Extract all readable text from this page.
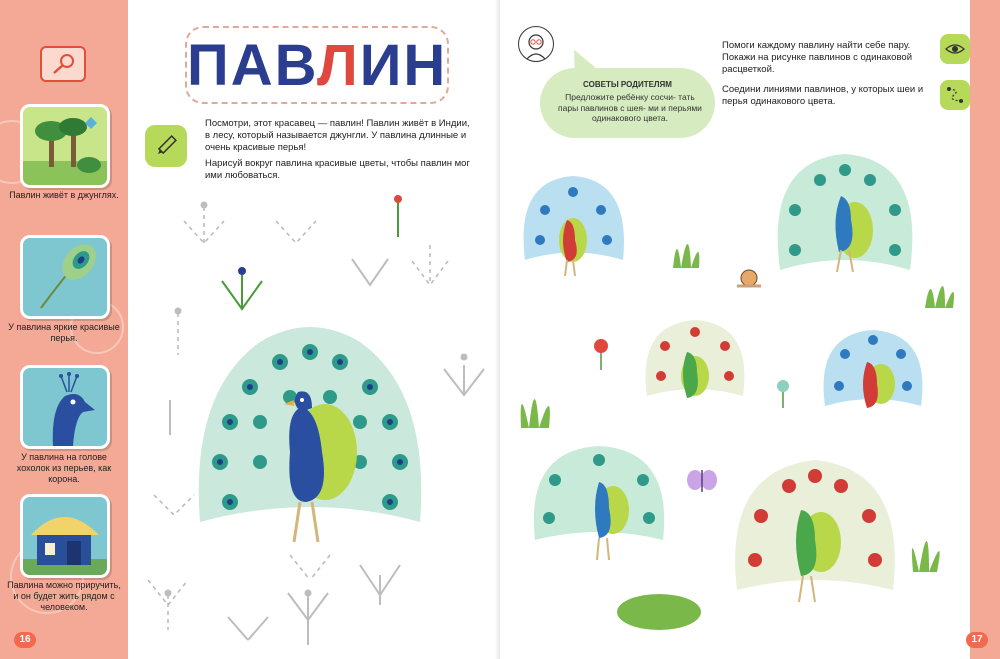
Павлин живёт в джунглях.
У павлина яркие красивые перья.
У павлина на голове хохолок из перьев, как корона.
Павлина можно приручить, и он будет жить рядом с человеком.
16
ПАВЛИН
Посмотри, этот красавец — павлин! Павлин живёт в Индии, в лесу, который называется джунгли. У павлина длинные и очень красивые перья!
Нарисуй вокруг павлина красивые цветы, чтобы павлин мог ими любоваться.
17
СОВЕТЫ РОДИТЕЛЯМ
Предложите ребёнку сосчи- тать пары павлинов с шея- ми и перьями одинакового цвета.
Помоги каждому павлину найти себе пару. Покажи на рисунке павлинов с одинаковой расцветкой.
Соедини линиями павлинов, у которых шеи и перья одинакового цвета.
